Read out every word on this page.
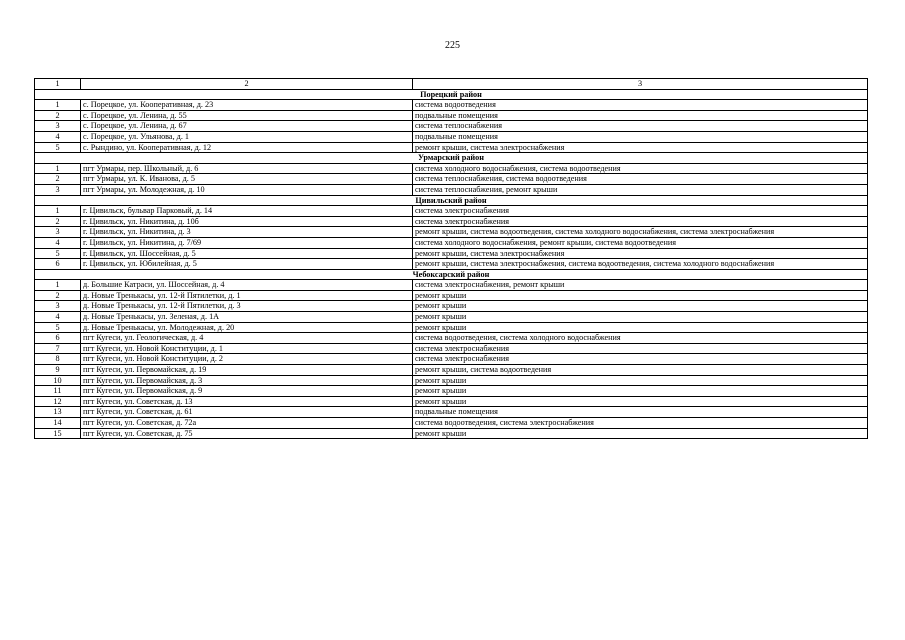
225
1	2	3
Порецкий район		
1	с. Порецкое, ул. Кооперативная, д. 23	система водоотведения
2	с. Порецкое, ул. Ленина, д. 55	подвальные помещения
3	с. Порецкое, ул. Ленина, д. 67	система теплоснабжения
4	с. Порецкое, ул. Ульянова, д. 1	подвальные помещения
5	с. Рындино, ул. Кооперативная, д. 12	ремонт крыши, система электроснабжения
Урмарский район		
1	пгт Урмары, пер. Школьный, д. 6	система холодного водоснабжения, система водоотведения
2	пгт Урмары, ул. К. Иванова, д. 5	система теплоснабжения, система водоотведения
3	пгт Урмары, ул. Молодежная, д. 10	система теплоснабжения, ремонт крыши
Цивильский район		
1	г. Цивильск, бульвар Парковый, д. 14	система электроснабжения
2	г. Цивильск, ул. Никитина, д. 10б	система электроснабжения
3	г. Цивильск, ул. Никитина, д. 3	ремонт крыши, система водоотведения, система холодного водоснабжения, система электроснабжения
4	г. Цивильск, ул. Никитина, д. 7/69	система холодного водоснабжения, ремонт крыши, система водоотведения
5	г. Цивильск, ул. Шоссейная, д. 5	ремонт крыши, система электроснабжения
6	г. Цивильск, ул. Юбилейная, д. 5	ремонт крыши, система электроснабжения, система водоотведения, система холодного водоснабжения
Чебоксарский район		
1	д. Большие Катраси, ул. Шоссейная, д. 4	система электроснабжения, ремонт крыши
2	д. Новые Тренькасы, ул. 12-й Пятилетки, д. 1	ремонт крыши
3	д. Новые Тренькасы, ул. 12-й Пятилетки, д. 3	ремонт крыши
4	д. Новые Тренькасы, ул. Зеленая, д. 1А	ремонт крыши
5	д. Новые Тренькасы, ул. Молодежная, д. 20	ремонт крыши
6	пгт Кугеси, ул. Геологическая, д. 4	система водоотведения, система холодного водоснабжения
7	пгт Кугеси, ул. Новой Конституции, д. 1	система электроснабжения
8	пгт Кугеси, ул. Новой Конституции, д. 2	система электроснабжения
9	пгт Кугеси, ул. Первомайская, д. 19	ремонт крыши, система водоотведения
10	пгт Кугеси, ул. Первомайская, д. 3	ремонт крыши
11	пгт Кугеси, ул. Первомайская, д. 9	ремонт крыши
12	пгт Кугеси, ул. Советская, д. 13	ремонт крыши
13	пгт Кугеси, ул. Советская, д. 61	подвальные помещения
14	пгт Кугеси, ул. Советская, д. 72а	система водоотведения, система электроснабжения
15	пгт Кугеси, ул. Советская, д. 75	ремонт крыши
